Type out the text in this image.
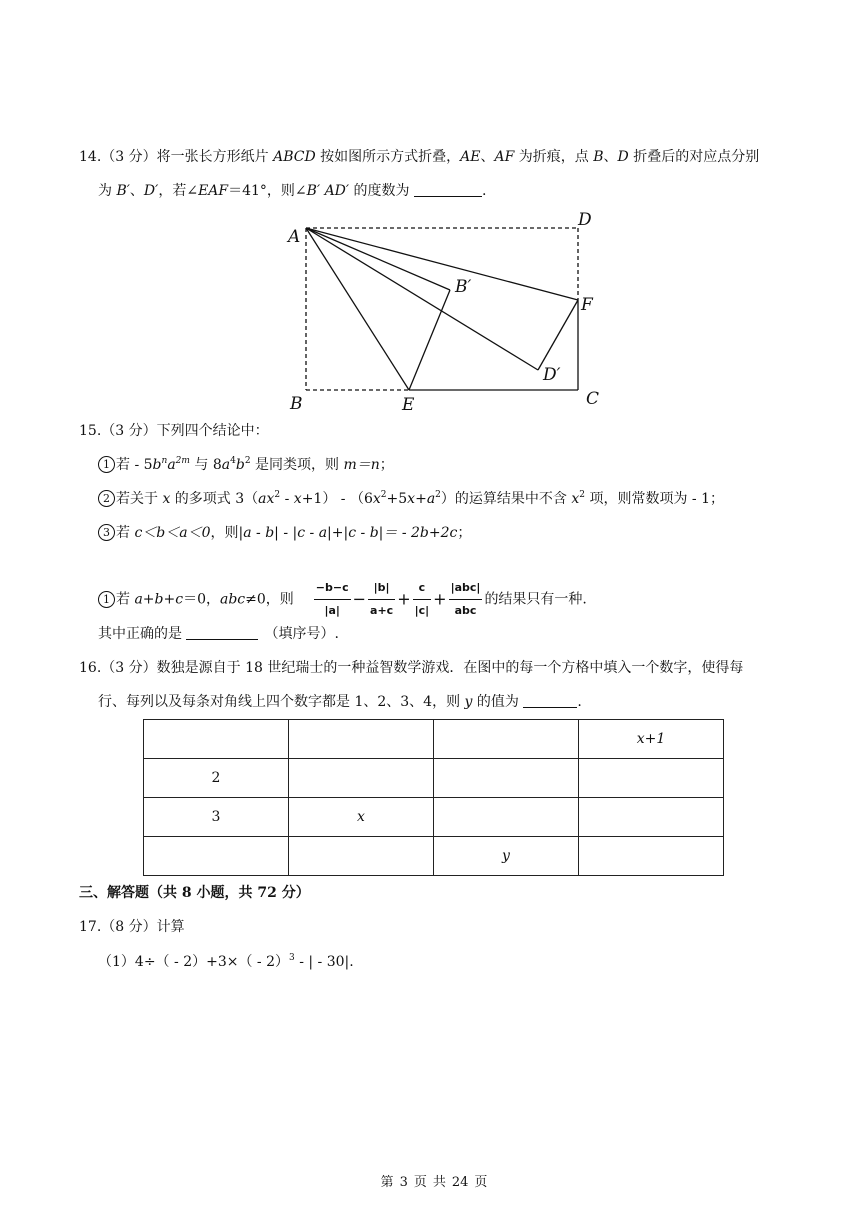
14.（3 分）将一张长方形纸片 ABCD 按如图所示方式折叠，AE、AF 为折痕，点 B、D 折叠后的对应点分别
为 B′、D′，若∠EAF＝41°，则∠B′ AD′ 的度数为	.
A
B	C
D
E
F
B′
D′
15.（3 分）下列四个结论中：
1 若 - $5b^na^{2m}$ 与 $8a^4b^2$ 是同类项，则 m＝n；
2 若关于 x 的多项式 $3(ax^2 - x+1) - (6x^2+5x+a^2)$的运算结果中不含 $x^2$ 项，则常数项为 - 1；
3 若 c＜b＜a＜0，则|a - b| - |c - a|+|c - b|＝ - 2b+2c；
1 若 a+b+c＝0，abc≠0，则 $\frac{-b-c}{|a|} - \frac{|b|}{a+c} + \frac{c}{|c|} + \frac{\text{|abc|}}{\text{abc}}$ 的结果只有一种.
其中正确的是	（填序号）.
16.（3 分）数独是源自于 18 世纪瑞士的一种益智数学游戏．在图中的每一个方格中填入一个数字，使得每
行、每列以及每条对角线上四个数字都是 1、2、3、4，则 y 的值为	.
			x+1
2			
3	x		
		y	
三、解答题（共 8 小题，共 72 分）
17.（8 分）计算
（1）4÷（ - 2）+3×（ - 2）$^3$ - | - 30|.
第 3 页 共 24 页
